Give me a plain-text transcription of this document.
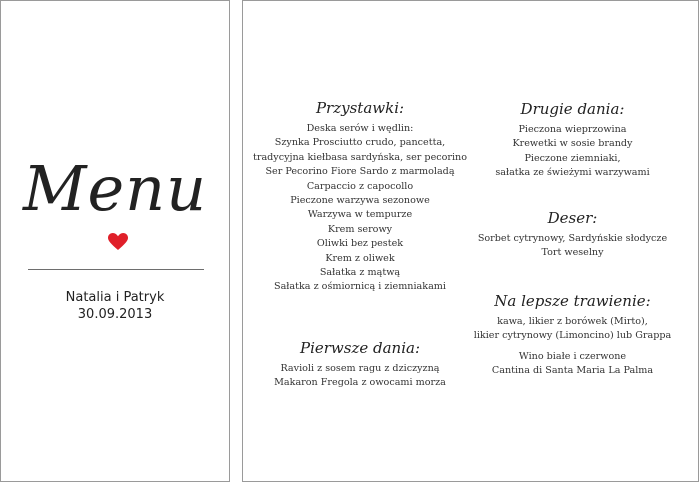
Menu
Natalia i Patryk
30.09.2013
Przystawki:
Deska serów i wędlin:
Szynka Prosciutto crudo, pancetta,
tradycyjna kiełbasa sardyńska, ser pecorino
Ser Pecorino Fiore Sardo z marmoladą
Carpaccio z capocollo
Pieczone warzywa sezonowe
Warzywa w tempurze
Krem serowy
Oliwki bez pestek
Krem z oliwek
Sałatka z mątwą
Sałatka z ośmiornicą i ziemniakami
Pierwsze dania:
Ravioli z sosem ragu z dziczyzną
Makaron Fregola z owocami morza
Drugie dania:
Pieczona wieprzowina
Krewetki w sosie brandy
Pieczone ziemniaki,
sałatka ze świeżymi warzywami
Deser:
Sorbet cytrynowy, Sardyńskie słodycze
Tort weselny
Na lepsze trawienie:
kawa, likier z borówek (Mirto),
likier cytrynowy (Limoncino) lub Grappa
Wino białe i czerwone
Cantina di Santa Maria La Palma
